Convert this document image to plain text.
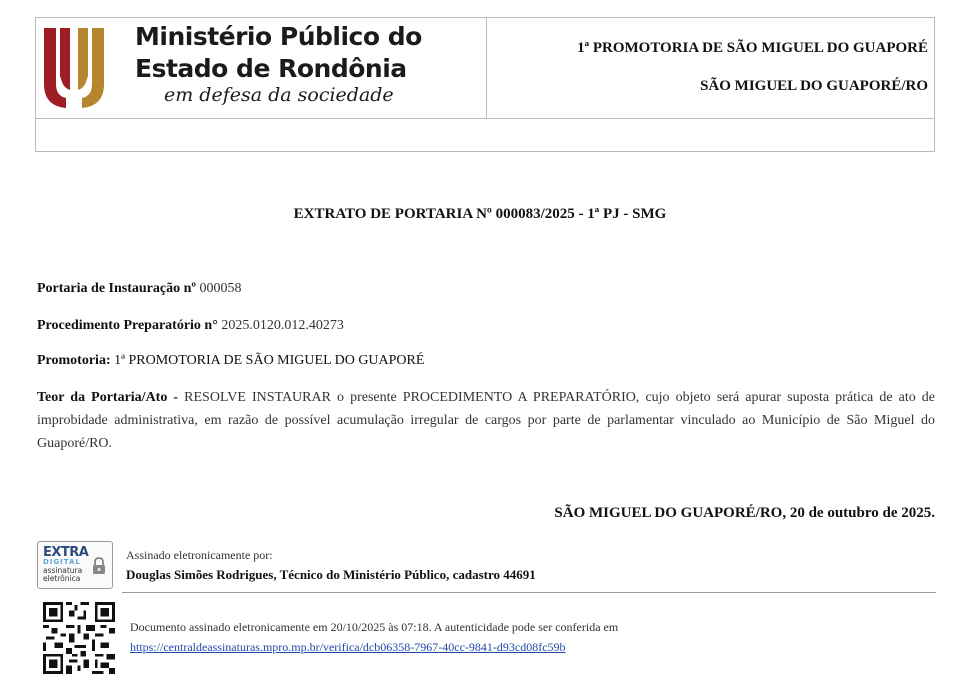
Ministério Público do
Estado de Rondônia
em defesa da sociedade
1ª PROMOTORIA DE SÃO MIGUEL DO GUAPORÉ
SÃO MIGUEL DO GUAPORÉ/RO
EXTRATO DE PORTARIA Nº 000083/2025 - 1ª PJ - SMG
Portaria de Instauração nº 000058
Procedimento Preparatório n° 2025.0120.012.40273
Promotoria: 1ª PROMOTORIA DE SÃO MIGUEL DO GUAPORÉ
Teor da Portaria/Ato - RESOLVE INSTAURAR o presente PROCEDIMENTO A PREPARATÓRIO, cujo objeto será apurar suposta prática de ato de improbidade administrativa, em razão de possível acumulação irregular de cargos por parte de parlamentar vinculado ao Município de São Miguel do Guaporé/RO.
SÃO MIGUEL DO GUAPORÉ/RO, 20 de outubro de 2025.
EXTRA
DIGITAL
assinatura
eletrônica
Assinado eletronicamente por:
Douglas Simões Rodrigues, Técnico do Ministério Público, cadastro 44691
Documento assinado eletronicamente em 20/10/2025 às 07:18. A autenticidade pode ser conferida em
https://centraldeassinaturas.mpro.mp.br/verifica/dcb06358-7967-40cc-9841-d93cd08fc59b
